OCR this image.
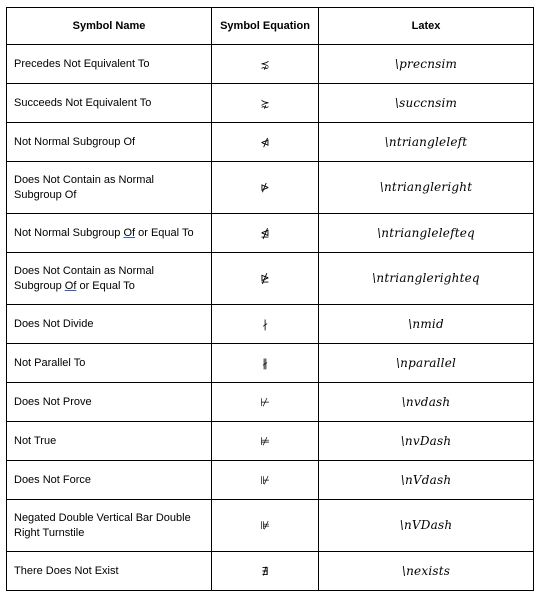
Symbol Name	Symbol Equation	Latex
Precedes Not Equivalent To	⋨	\precnsim
Succeeds Not Equivalent To	⋩	\succnsim
Not Normal Subgroup Of	⋪	\ntriangleleft
Does Not Contain as Normal Subgroup Of	⋫	\ntriangleright
Not Normal Subgroup Of or Equal To	⋬	\ntrianglelefteq
Does Not Contain as Normal Subgroup Of or Equal To	⋭	\ntrianglerighteq
Does Not Divide	∤	\nmid
Not Parallel To	∦	\nparallel
Does Not Prove	⊬	\nvdash
Not True	⊭	\nvDash
Does Not Force	⊮	\nVdash
Negated Double Vertical Bar Double Right Turnstile	⊯	\nVDash
There Does Not Exist	∄	\nexists
